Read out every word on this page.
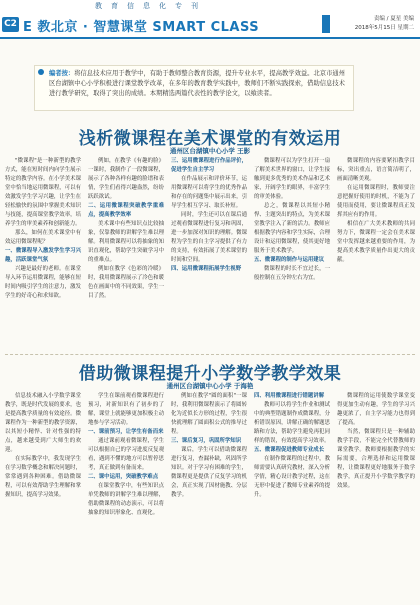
教育信息化专刊
C2 E 教北京 · 智慧课堂 SMART CLASS
责编 / 夏星 美编
2018年5月15日 星期二
编者按：将信息技术应用于教学中，有助于教师整合教育资源，提升专业水平，提高教学效益。北京市通州区台湖镇中心小学积极进行课堂教学改革，在多年的教育教学实践中，教师们不断实践探索，借助信息技术进行教学研究，取得了突出的成绩。本期精选两篇代表性的教学论文，以飨读者。
浅析微课程在美术课堂的有效运用
通州区台湖镇中心小学 王影

"微课程"是一种新型的教学方式，能在短时间内向学生展示特定的教学内容。在小学美术课堂中恰当地运用微课程，可以有效激发学生学习兴趣，让学生在轻松愉快的氛围中掌握美术知识与技能，提高课堂教学效率，培养学生的审美素养和创新能力。

那么，如何在美术课堂中有效运用微课程呢？

一、微课程导入激发学生学习兴趣，活跃课堂气氛

兴趣是最好的老师。在课堂导入环节运用微课程，能够在短时间内吸引学生的注意力，激发学生的好奇心和求知欲。

例如，在教学《有趣的脸》一课时，我制作了一段微课程，展示了各种各样有趣的脸谱和表情，学生们看得兴趣盎然，纷纷跃跃欲试。

二、运用微课程突破教学重难点，提高教学效率

美术课中有些知识点比较抽象，仅靠教师的讲解学生难以理解。利用微课程可以将抽象的知识直观化，帮助学生突破学习中的重难点。

例如在教学《色彩的冷暖》时，我用微课程展示了冷色和暖色在画面中的不同效果，学生一目了然。

三、运用微课程进行作品评价，促进学生自主学习

在作品展示和评价环节，运用微课程可以将学生的优秀作品和存在的问题集中展示出来，引导学生相互学习、取长补短。

同时，学生还可以在课后通过观看微课程进行复习和巩固，进一步加深对知识的理解。微课程为学生的自主学习提供了有力的支持，有效拓展了美术课堂的时间和空间。

四、运用微课程拓展学生视野

微课程可以为学生打开一扇了解美术世界的窗口，让学生接触到更多优秀的美术作品和艺术家，开阔学生的眼界，丰富学生的审美体验。

总之，微课程以其短小精悍、主题突出的特点，为美术课堂教学注入了新的活力。教师应根据教学内容和学生实际，合理设计和运用微课程，使其更好地服务于美术教学。

五、微课程的制作与运用建议

微课程的时长不宜过长，一般控制在五分钟左右为宜。

微课程的内容要紧扣教学目标，突出重点，语言简洁明了，画面清晰美观。

在运用微课程时，教师要注意把握好使用的时机，不能为了使用而使用，要让微课程真正发挥其应有的作用。

相信在广大美术教师的共同努力下，微课程一定会在美术课堂中发挥越来越重要的作用，为提高美术教学质量作出更大的贡献。

借助微课程提升小学数学教学效果
通州区台湖镇中心小学 于海艳

信息技术融入小学数学课堂教学，既是时代发展的要求，也是提高教学质量的有效途径。微课程作为一种新型的教学资源，以其短小精悍、针对性强的特点，越来越受到广大师生的欢迎。

在实际教学中，我发现学生在学习数学概念和解决问题时，常常遇到各种困难。借助微课程，可以有效帮助学生理解和掌握知识，提高学习效果。

学生在课前观看微课程进行预习，对新知识有了初步的了解，课堂上就能够更加积极主动地参与学习活动。

一、课前预习，让学生有备而来

通过课前观看微课程，学生可以根据自己的学习进度反复观看，遇到不懂的地方可以暂停思考，真正做到有备而来。

二、课中运用，突破教学难点

在课堂教学中，有些知识点单凭教师的讲解学生难以理解，借助微课程的动态演示，可以将抽象的知识形象化、直观化。

例如在教学"圆的面积"一课时，我利用微课程演示了将圆转化为近似长方形的过程，学生很快就理解了圆面积公式的推导过程。

三、课后复习，巩固所学知识

课后，学生可以借助微课程进行复习，查漏补缺，巩固所学知识。对于学习有困难的学生，微课程更是提供了反复学习的机会，真正实现了因材施教、分层教学。

四、利用微课程进行错题讲解

教师可以将学生作业和测试中的典型错题制作成微课程，分析错误原因，讲解正确的解题思路和方法，帮助学生避免再犯同样的错误，有效提高学习效率。

五、微课程促进教师专业成长

在制作微课程的过程中，教师需要认真研究教材，深入分析学情，精心设计教学过程，这在无形中促进了教师专业素养的提升。

微课程的运用使数学课堂变得更加生动有趣，学生的学习兴趣更浓了，自主学习能力也得到了提高。

当然，微课程只是一种辅助教学手段，不能完全代替教师的课堂教学。教师要根据教学的实际需要，合理选择和运用微课程，让微课程更好地服务于数学教学，真正提升小学数学教学的效果。
